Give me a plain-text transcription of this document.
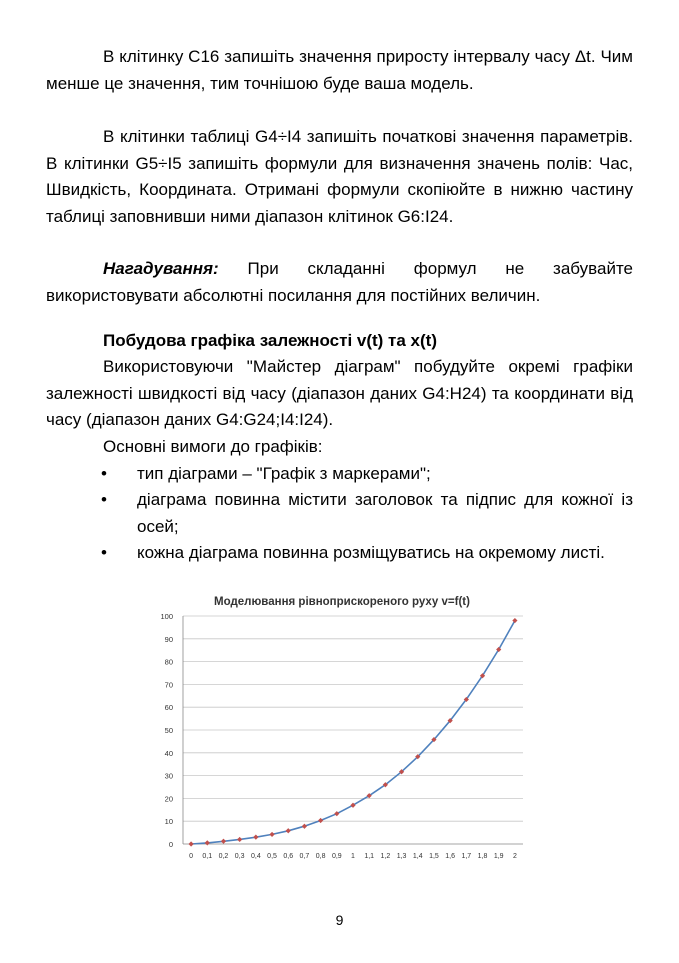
В клітинку C16 запишіть значення приросту інтервалу часу Δt. Чим менше це значення, тим точнішою буде ваша модель.

В клітинки таблиці G4÷I4 запишіть початкові значення параметрів. В клітинки G5÷I5 запишіть формули для визначення значень полів: Час, Швидкість, Координата. Отримані формули скопіюйте в нижню частину таблиці заповнивши ними діапазон клітинок G6:I24.

Нагадування: При складанні формул не забувайте використовувати абсолютні посилання для постійних величин.

Побудова графіка залежності v(t) та x(t)

Використовуючи "Майстер діаграм" побудуйте окремі графіки залежності швидкості від часу (діапазон даних G4:H24) та координати від часу (діапазон даних G4:G24;I4:I24).

Основні вимоги до графіків:

• тип діаграми – "Графік з маркерами";

• діаграма повинна містити заголовок та підпис для кожної із осей;

• кожна діаграма повинна розміщуватись на окремому листі.

Моделювання рівноприскореного руху v=f(t)
0
10
20
30
40
50
60
70
80
90
100
0 0,1 0,2 0,3 0,4 0,5 0,6 0,7 0,8 0,9 1 1,1 1,2 1,3 1,4 1,5 1,6 1,7 1,8 1,9 2
9
